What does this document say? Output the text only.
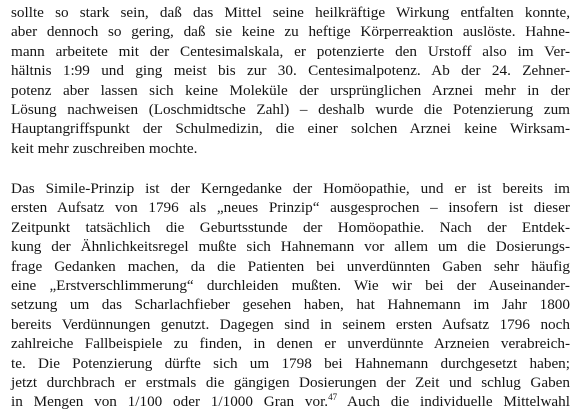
sollte so stark sein, daß das Mittel seine heilkräftige Wirkung entfalten konnte,
aber dennoch so gering, daß sie keine zu heftige Körperreaktion auslöste. Hahne-
mann arbeitete mit der Centesimalskala, er potenzierte den Urstoff also im Ver-
hältnis 1:99 und ging meist bis zur 30. Centesimalpotenz. Ab der 24. Zehner-
potenz aber lassen sich keine Moleküle der ursprünglichen Arznei mehr in der
Lösung nachweisen (Loschmidtsche Zahl) – deshalb wurde die Potenzierung zum
Hauptangriffspunkt der Schulmedizin, die einer solchen Arznei keine Wirksam-
keit mehr zuschreiben mochte.

Das Simile-Prinzip ist der Kerngedanke der Homöopathie, und er ist bereits im
ersten Aufsatz von 1796 als „neues Prinzip“ ausgesprochen – insofern ist dieser
Zeitpunkt tatsächlich die Geburtsstunde der Homöopathie. Nach der Entdek-
kung der Ähnlichkeitsregel mußte sich Hahnemann vor allem um die Dosierungs-
frage Gedanken machen, da die Patienten bei unverdünnten Gaben sehr häufig
eine „Erstverschlimmerung“ durchleiden mußten. Wie wir bei der Auseinander-
setzung um das Scharlachfieber gesehen haben, hat Hahnemann im Jahr 1800
bereits Verdünnungen genutzt. Dagegen sind in seinem ersten Aufsatz 1796 noch
zahlreiche Fallbeispiele zu finden, in denen er unverdünnte Arzneien verabreich-
te. Die Potenzierung dürfte sich um 1798 bei Hahnemann durchgesetzt haben;
jetzt durchbrach er erstmals die gängigen Dosierungen der Zeit und schlug Gaben
in Mengen von 1/100 oder 1/1000 Gran vor.$^{47}$ Auch die individuelle Mittelwahl
